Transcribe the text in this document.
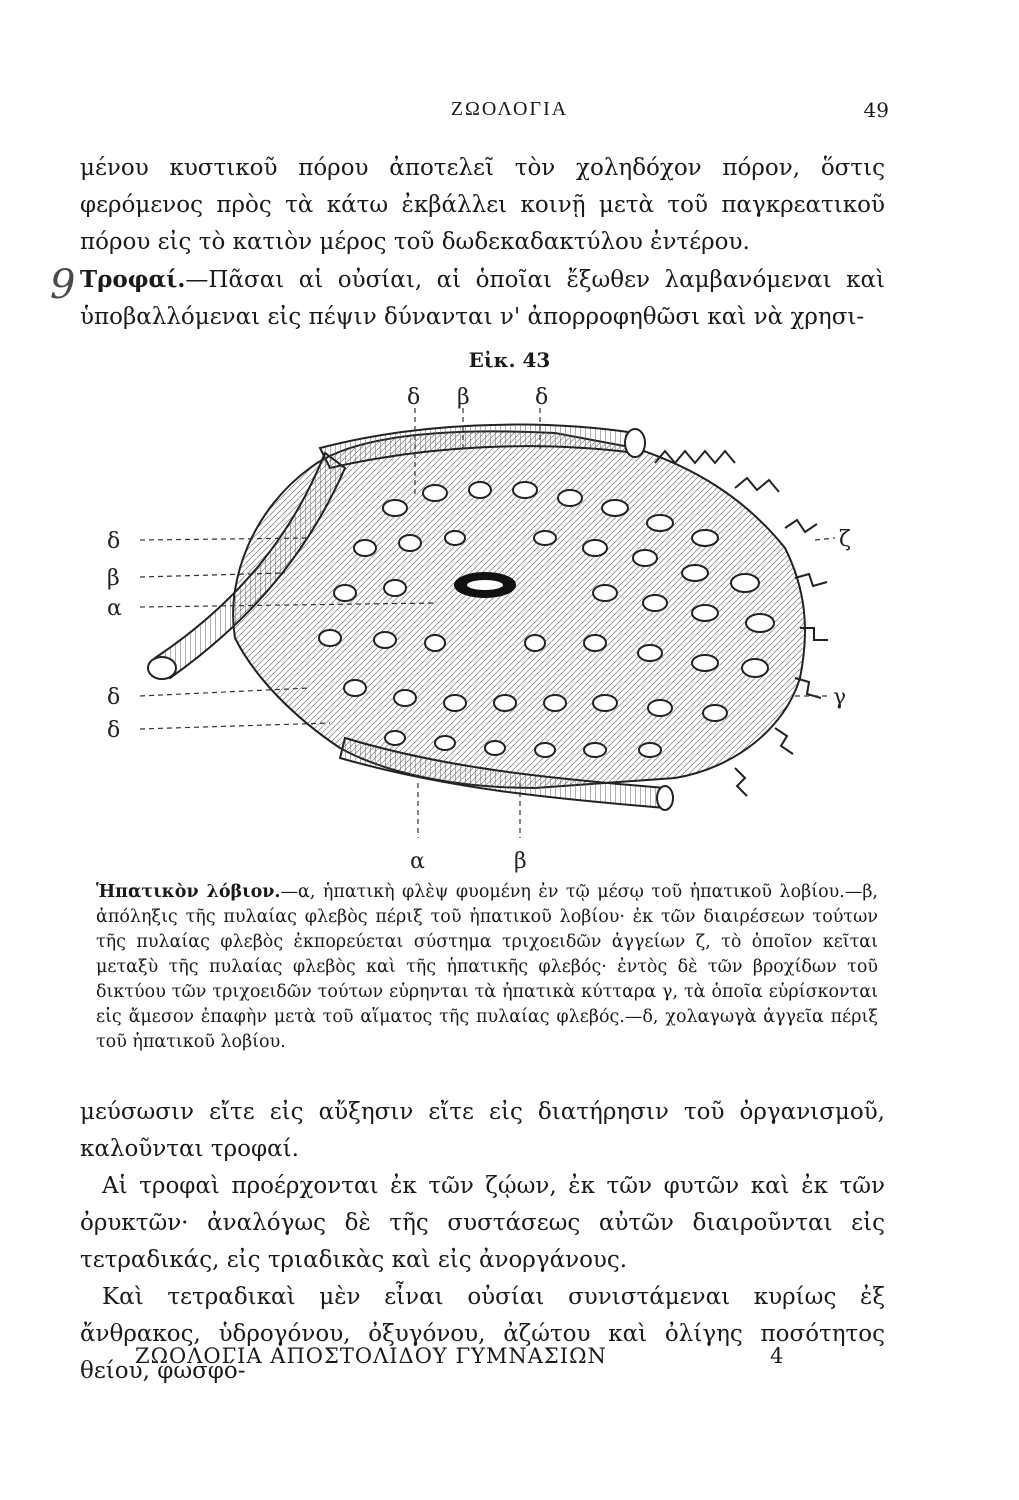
ΖΩΟΛΟΓΙΑ	49
μένου κυστικοῦ πόρου ἀποτελεῖ τὸν χοληδόχον πόρον, ὅστις φερόμενος πρὸς τὰ κάτω ἐκβάλλει κοινῇ μετὰ τοῦ παγκρεατικοῦ πόρου εἰς τὸ κατιὸν μέρος τοῦ δωδεκαδακτύλου ἐντέρου.
Τροφαί.—Πᾶσαι αἱ οὐσίαι, αἱ ὁποῖαι ἔξωθεν λαμβανόμεναι καὶ ὑποβαλλόμεναι εἰς πέψιν δύνανται ν' ἀπορροφηθῶσι καὶ νὰ χρησι-
9
Εἰκ. 43
δ β	δ
δ
β
α
δ
δ
ζ
γ
α	β
Ἡπατικὸν λόβιον.—α, ἡπατικὴ φλὲψ φυομένη ἐν τῷ μέσῳ τοῦ ἡπατικοῦ λοβίου.—β, ἀπόληξις τῆς πυλαίας φλεβὸς πέριξ τοῦ ἡπατικοῦ λοβίου· ἐκ τῶν διαιρέσεων τούτων τῆς πυλαίας φλεβὸς ἐκπορεύεται σύστημα τριχοειδῶν ἀγγείων ζ, τὸ ὁποῖον κεῖται μεταξὺ τῆς πυλαίας φλεβὸς καὶ τῆς ἡπατικῆς φλεβός· ἐντὸς δὲ τῶν βροχίδων τοῦ δικτύου τῶν τριχοειδῶν τούτων εὑρηνται τὰ ἡπατικὰ κύτταρα γ, τὰ ὁποῖα εὑρίσκονται εἰς ἄμεσον ἐπαφὴν μετὰ τοῦ αἵματος τῆς πυλαίας φλεβός.—δ, χολαγωγὰ ἀγγεῖα πέριξ τοῦ ἡπατικοῦ λοβίου.

μεύσωσιν εἴτε εἰς αὔξησιν εἴτε εἰς διατήρησιν τοῦ ὀργανισμοῦ, καλοῦνται τροφαί.

Αἱ τροφαὶ προέρχονται ἐκ τῶν ζῴων, ἐκ τῶν φυτῶν καὶ ἐκ τῶν ὀρυκτῶν· ἀναλόγως δὲ τῆς συστάσεως αὐτῶν διαιροῦνται εἰς τετραδικάς, εἰς τριαδικὰς καὶ εἰς ἀνοργάνους.

Καὶ τετραδικαὶ μὲν εἶναι οὐσίαι συνιστάμεναι κυρίως ἐξ ἄνθρακος, ὑδρογόνου, ὀξυγόνου, ἀζώτου καὶ ὀλίγης ποσότητος θείου, φωσφό-

ΖΩΟΛΟΓΙΑ ΑΠΟΣΤΟΛΙΔΟΥ ΓΥΜΝΑΣΙΩΝ	4
